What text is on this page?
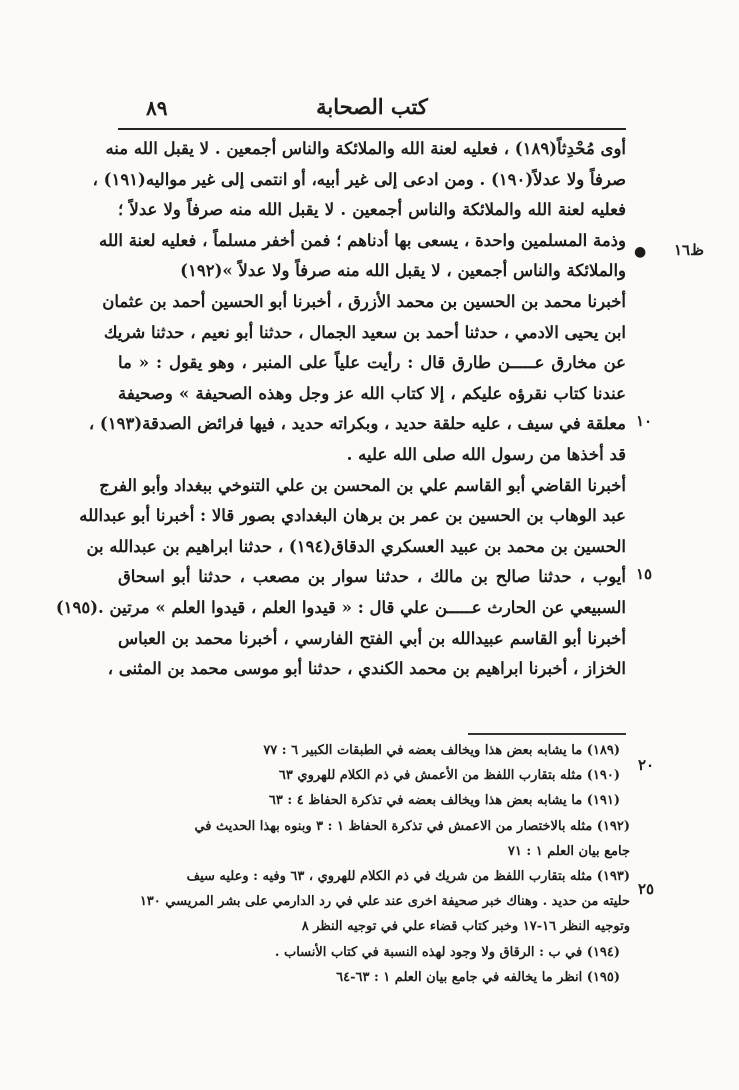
٨٩	كتب الصحابة
أوى مُحْدِثاً(١٨٩) ، فعليه لعنة الله والملائكة والناس أجمعين . لا يقبل الله منه
صرفاً ولا عدلاً(١٩٠) . ومن ادعى إلى غير أبيه، أو انتمى إلى غير مواليه(١٩١) ،
فعليه لعنة الله والملائكة والناس أجمعين . لا يقبل الله منه صرفاً ولا عدلاً ؛
وذمة المسلمين واحدة ، يسعى بها أدناهم ؛ فمن أخفر مسلماً ، فعليه لعنة الله
والملائكة والناس أجمعين ، لا يقبل الله منه صرفاً ولا عدلاً »(١٩٢)
أخبرنا محمد بن الحسين بن محمد الأزرق ، أخبرنا أبو الحسين أحمد بن عثمان
ابن يحيى الادمي ، حدثنا أحمد بن سعيد الجمال ، حدثنا أبو نعيم ، حدثنا شريك
عن مخارق عـــــن طارق قال : رأيت علياً على المنبر ، وهو يقول : « ما
عندنا كتاب نقرؤه عليكم ، إلا كتاب الله عز وجل وهذه الصحيفة » وصحيفة
معلقة في سيف ، عليه حلقة حديد ، وبكراته حديد ، فيها فرائض الصدقة(١٩٣) ،
قد أخذها من رسول الله صلى الله عليه .
أخبرنا القاضي أبو القاسم علي بن المحسن بن علي التنوخي ببغداد وأبو الفرج
عبد الوهاب بن الحسين بن عمر بن برهان البغدادي بصور قالا : أخبرنا أبو عبدالله
الحسين بن محمد بن عبيد العسكري الدقاق(١٩٤) ، حدثنا ابراهيم بن عبدالله بن
أيوب ، حدثنا صالح بن مالك ، حدثنا سوار بن مصعب ، حدثنا أبو اسحاق
السبيعي عن الحارث عـــــن علي قال : « قيدوا العلم ، قيدوا العلم » مرتين .(١٩٥)
أخبرنا أبو القاسم عبيدالله بن أبي الفتح الفارسي ، أخبرنا محمد بن العباس
الخزاز ، أخبرنا ابراهيم بن محمد الكندي ، حدثنا أبو موسى محمد بن المثنى ،
● ظ١٦
١٠
١٥
(١٨٩) ما يشابه بعض هذا ويخالف بعضه في الطبقات الكبير ٦ : ٧٧
(١٩٠) مثله بتقارب اللفظ من الأعمش في ذم الكلام للهروي ٦٣
(١٩١) ما يشابه بعض هذا ويخالف بعضه في تذكرة الحفاظ ٤ : ٦٣
(١٩٢) مثله بالاختصار من الاعمش في تذكرة الحفاظ ١ : ٣ وبنوه بهذا الحديث في
جامع بيان العلم ١ : ٧١
(١٩٣) مثله بتقارب اللفظ من شريك في ذم الكلام للهروي ، ٦٣ وفيه : وعليه سيف
حليته من حديد . وهناك خبر صحيفة اخرى عند علي في رد الدارمي على بشر المريسي ١٣٠
وتوجيه النظر ١٦-١٧ وخبر كتاب قضاء علي في توجيه النظر ٨
(١٩٤) في ب : الرقاق ولا وجود لهذه النسبة في كتاب الأنساب .
(١٩٥) انظر ما يخالفه في جامع بيان العلم ١ : ٦٣-٦٤
٢٠
٢٥
